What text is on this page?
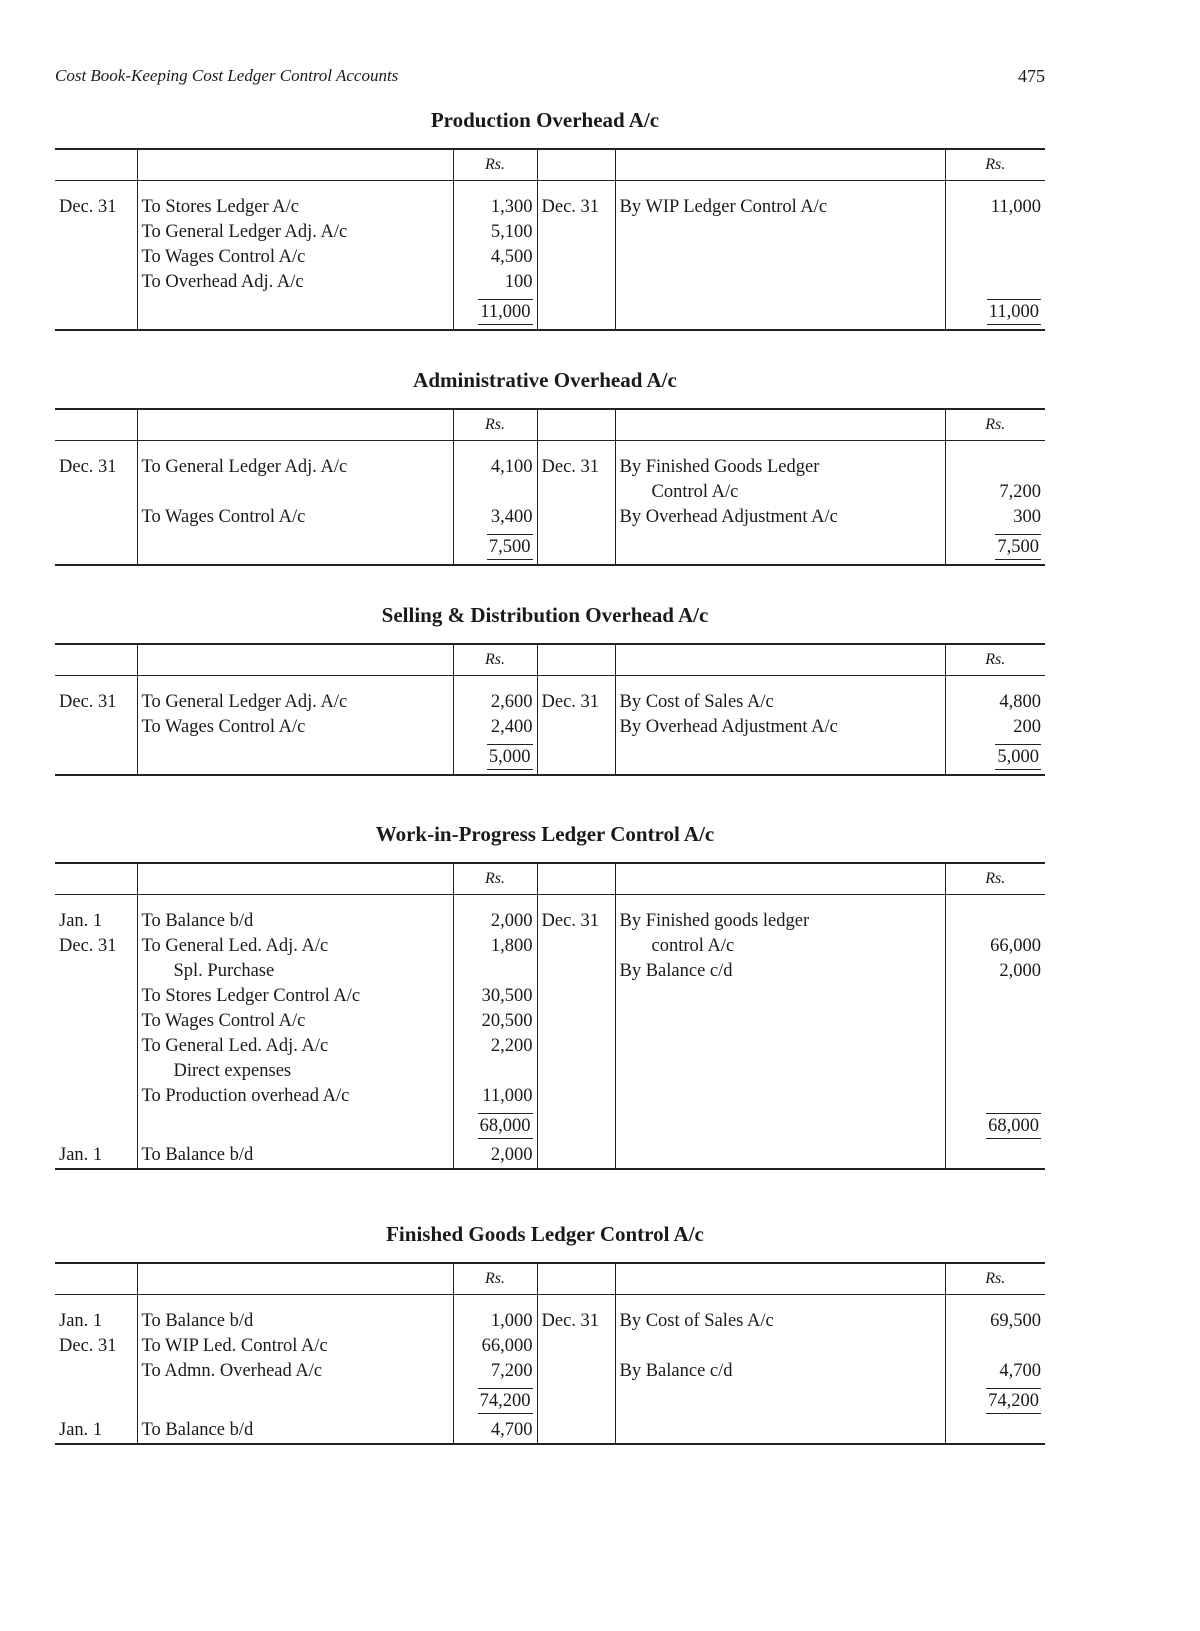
Cost Book-Keeping Cost Ledger Control Accounts	475
Production Overhead A/c
		Rs.			Rs.

Dec. 31	To Stores Ledger A/c	1,300	Dec. 31	By WIP Ledger Control A/c	11,000
	To General Ledger Adj. A/c	5,100			
	To Wages Control A/c	4,500			
	To Overhead Adj. A/c	100			
		11,000			11,000
Administrative Overhead A/c
		Rs.			Rs.

Dec. 31	To General Ledger Adj. A/c	4,100	Dec. 31	By Finished Goods Ledger	
				Control A/c	7,200
	To Wages Control A/c	3,400		By Overhead Adjustment A/c	300
		7,500			7,500
Selling & Distribution Overhead A/c
		Rs.			Rs.

Dec. 31	To General Ledger Adj. A/c	2,600	Dec. 31	By Cost of Sales A/c	4,800
	To Wages Control A/c	2,400		By Overhead Adjustment A/c	200
		5,000			5,000
Work-in-Progress Ledger Control A/c
		Rs.			Rs.

Jan. 1	To Balance b/d	2,000	Dec. 31	By Finished goods ledger	
Dec. 31	To General Led. Adj. A/c	1,800		control A/c	66,000
	Spl. Purchase			By Balance c/d	2,000
	To Stores Ledger Control A/c	30,500			
	To Wages Control A/c	20,500			
	To General Led. Adj. A/c	2,200			
	Direct expenses				
	To Production overhead A/c	11,000			
		68,000			68,000
Jan. 1	To Balance b/d	2,000			
Finished Goods Ledger Control A/c
		Rs.			Rs.

Jan. 1	To Balance b/d	1,000	Dec. 31	By Cost of Sales A/c	69,500
Dec. 31	To WIP Led. Control A/c	66,000			
	To Admn. Overhead A/c	7,200		By Balance c/d	4,700
		74,200			74,200
Jan. 1	To Balance b/d	4,700			
